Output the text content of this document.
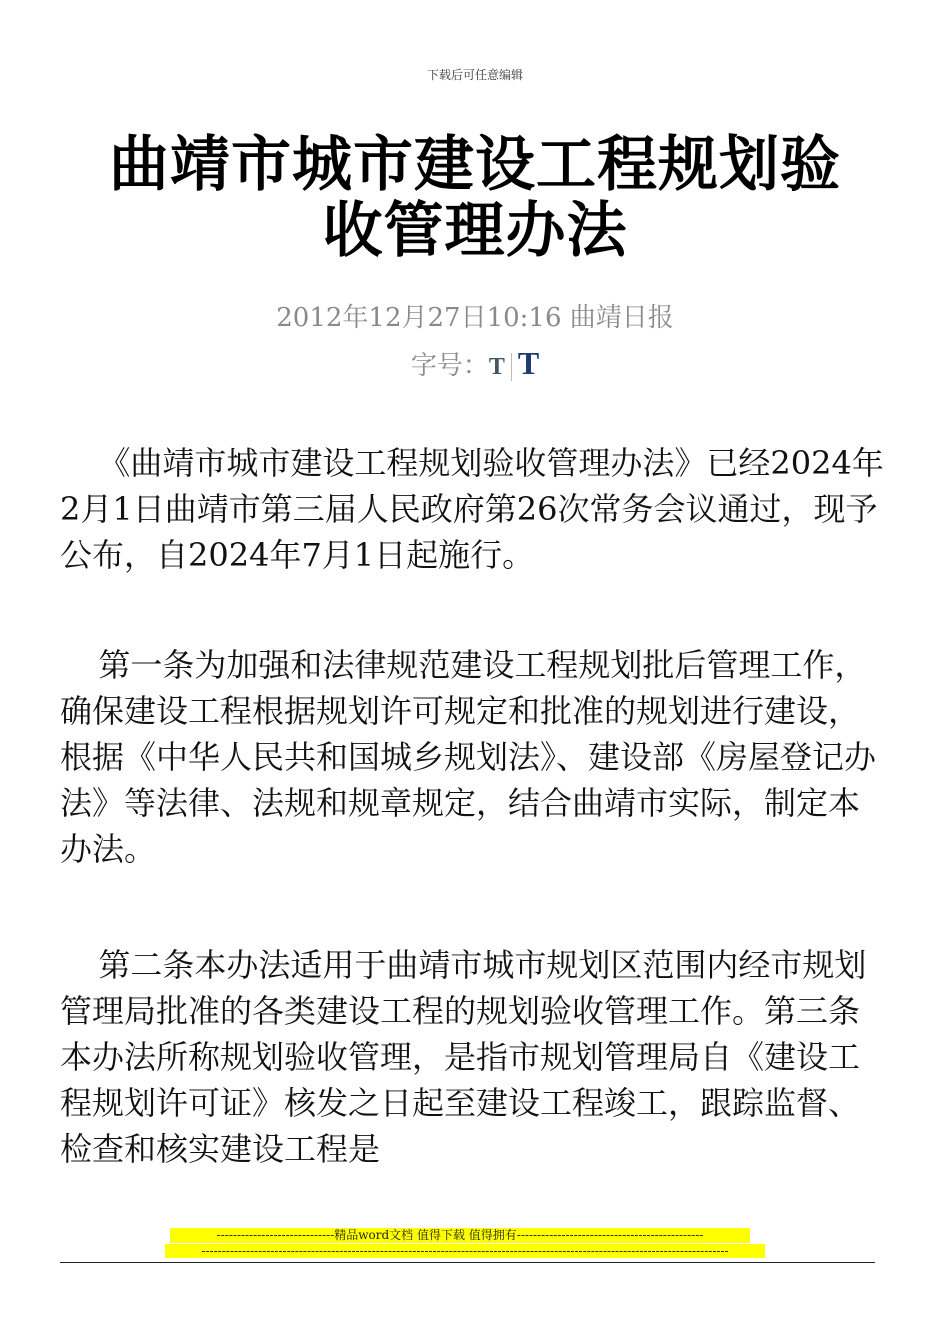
下载后可任意编辑
曲靖市城市建设工程规划验
收管理办法
2012年12月27日10:16 曲靖日报
字号：T T
《曲靖市城市建设工程规划验收管理办法》已经2024年2月1日曲靖市第三届人民政府第26次常务会议通过，现予公布，自2024年7月1日起施行。
第一条为加强和法律规范建设工程规划批后管理工作，确保建设工程根据规划许可规定和批准的规划进行建设，根据《中华人民共和国城乡规划法》、建设部《房屋登记办法》等法律、法规和规章规定，结合曲靖市实际，制定本办法。
第二条本办法适用于曲靖市城市规划区范围内经市规划管理局批准的各类建设工程的规划验收管理工作。第三条本办法所称规划验收管理，是指市规划管理局自《建设工程规划许可证》核发之日起至建设工程竣工，跟踪监督、检查和核实建设工程是
-----------------------------精品word文档 值得下载 值得拥有----------------------------------------------
----------------------------------------------------------------------------------------------------------------------------------
